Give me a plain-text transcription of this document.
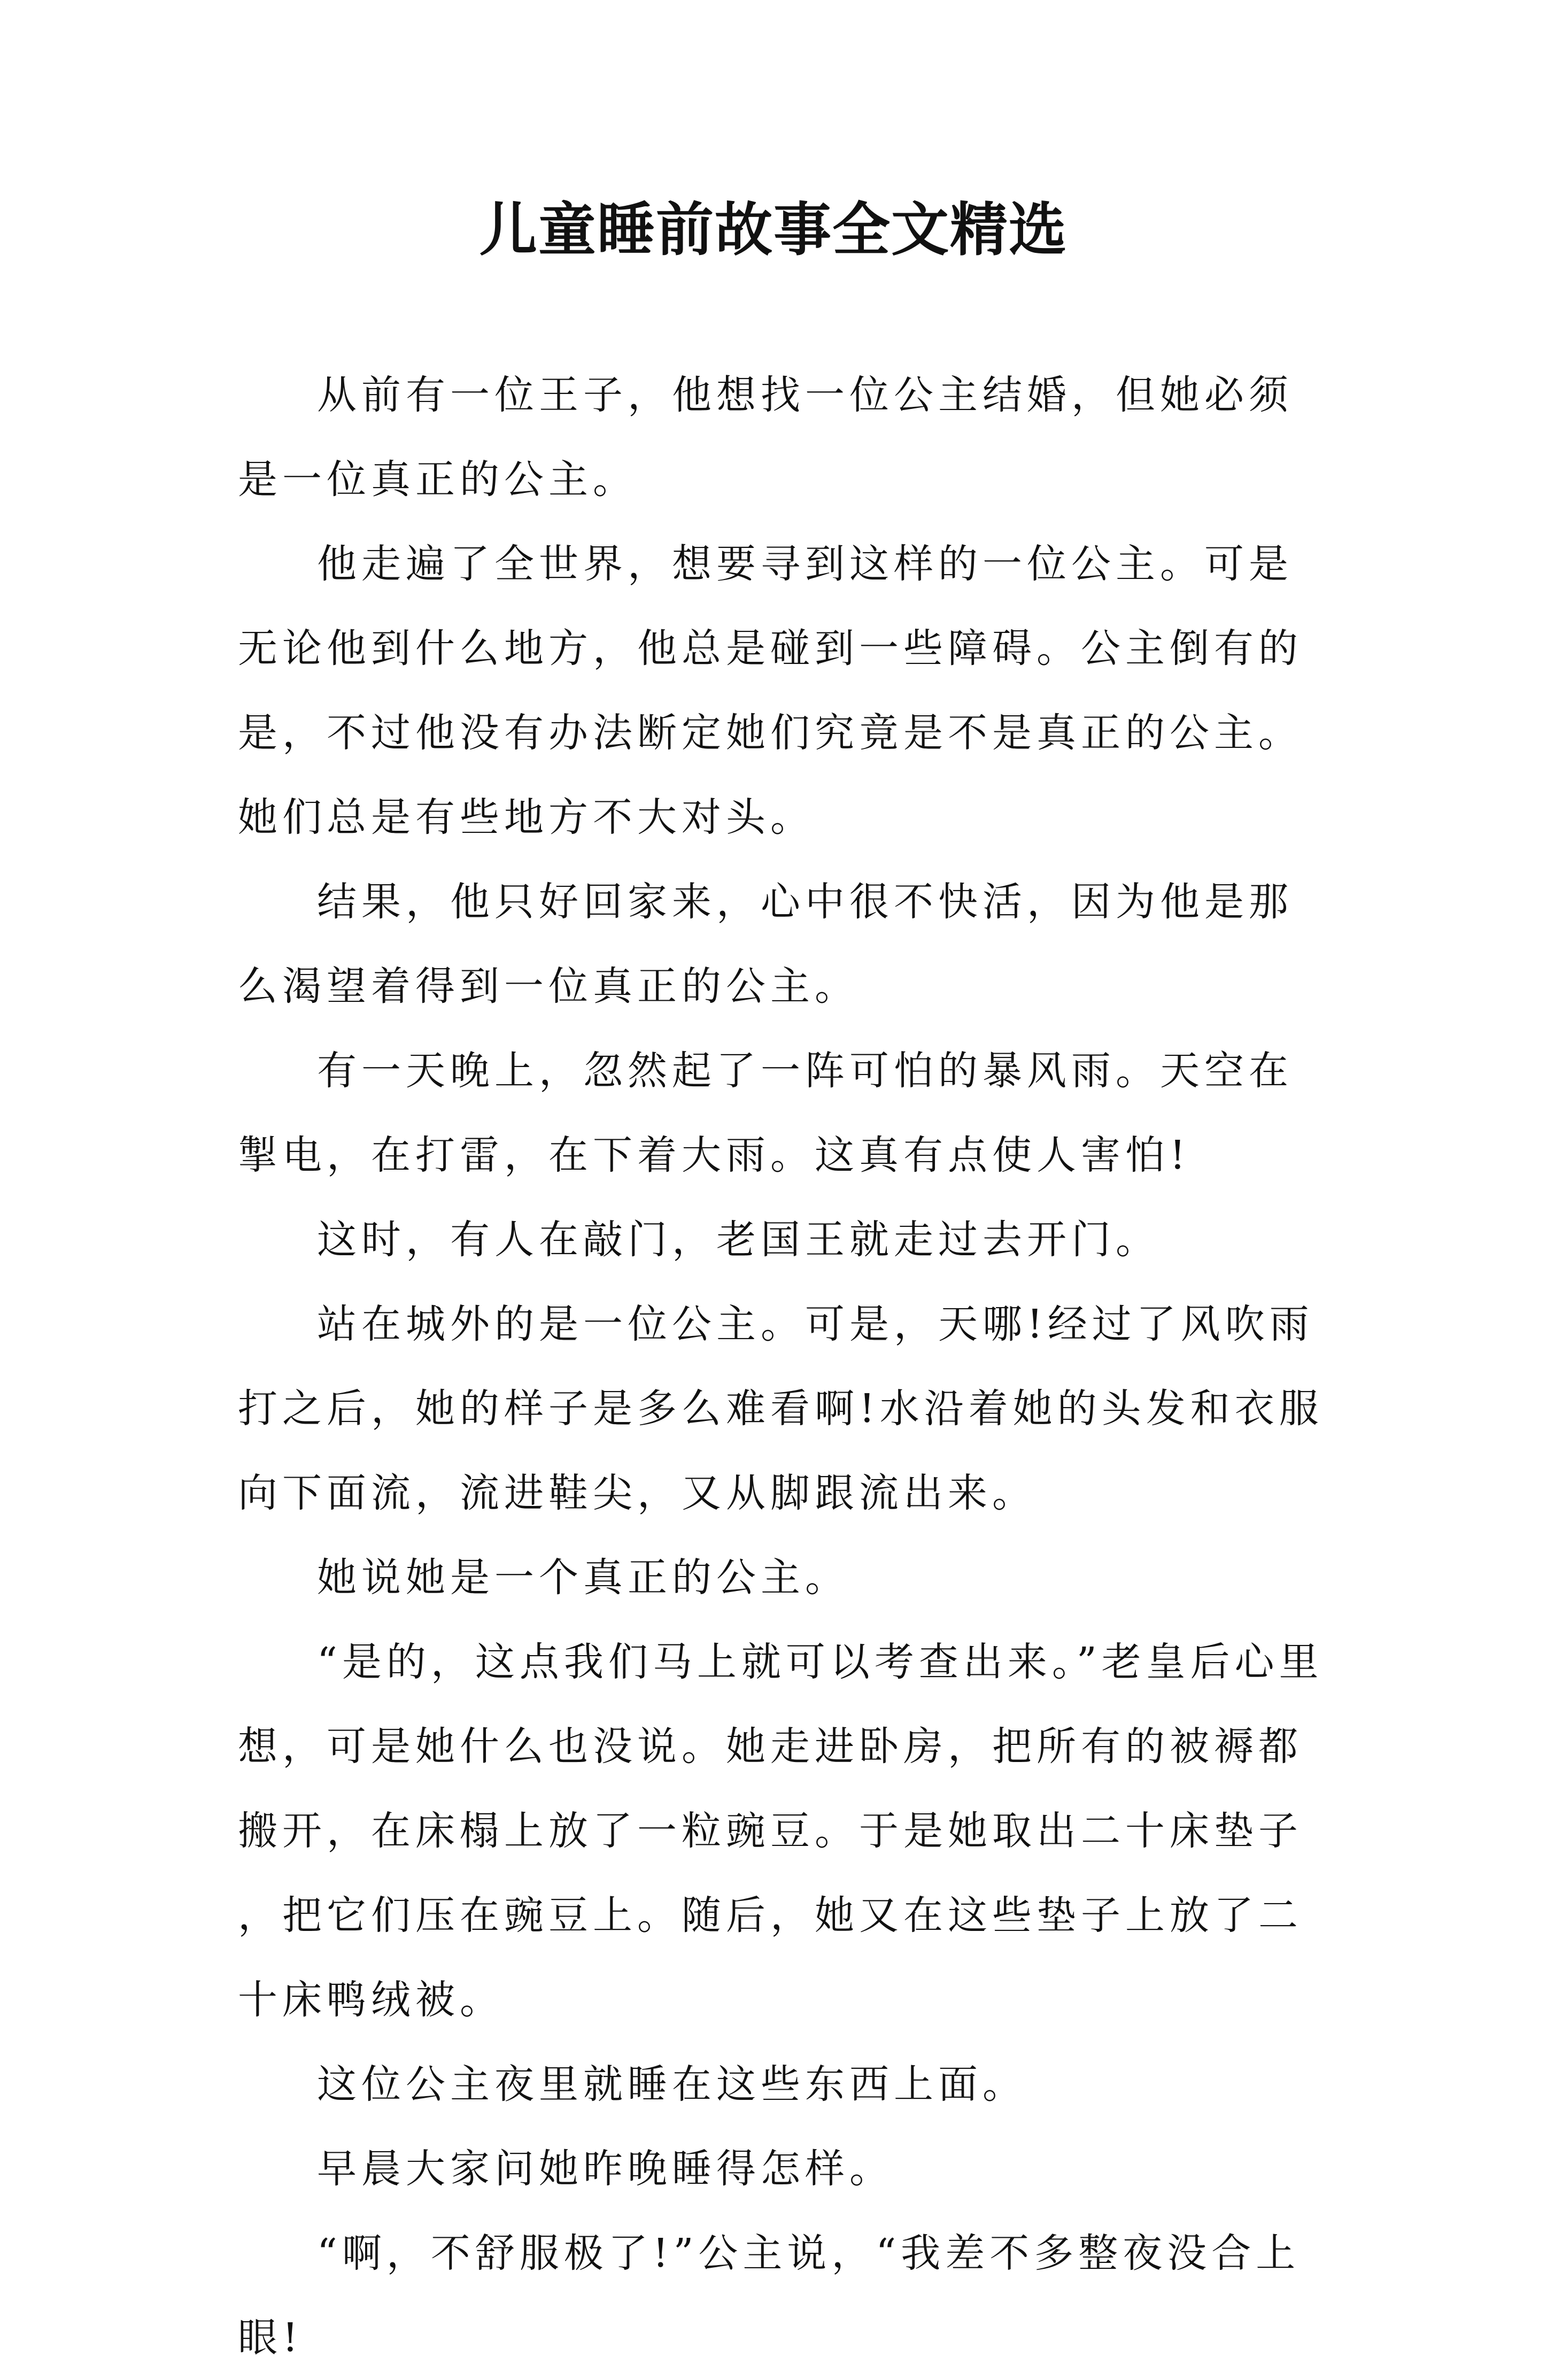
儿童睡前故事全文精选

从前有一位王子，他想找一位公主结婚，但她必须是一位真正的公主。

他走遍了全世界，想要寻到这样的一位公主。可是无论他到什么地方，他总是碰到一些障碍。公主倒有的是，不过他没有办法断定她们究竟是不是真正的公主。她们总是有些地方不大对头。

结果，他只好回家来，心中很不快活，因为他是那么渴望着得到一位真正的公主。

有一天晚上，忽然起了一阵可怕的暴风雨。天空在掣电，在打雷，在下着大雨。这真有点使人害怕!

这时，有人在敲门，老国王就走过去开门。

站在城外的是一位公主。可是，天哪!经过了风吹雨打之后，她的样子是多么难看啊!水沿着她的头发和衣服向下面流，流进鞋尖，又从脚跟流出来。

她说她是一个真正的公主。

“是的，这点我们马上就可以考查出来。”老皇后心里想，可是她什么也没说。她走进卧房，把所有的被褥都搬开，在床榻上放了一粒豌豆。于是她取出二十床垫子，把它们压在豌豆上。随后，她又在这些垫子上放了二十床鸭绒被。

这位公主夜里就睡在这些东西上面。

早晨大家问她昨晚睡得怎样。

“啊，不舒服极了!”公主说，“我差不多整夜没合上眼!
